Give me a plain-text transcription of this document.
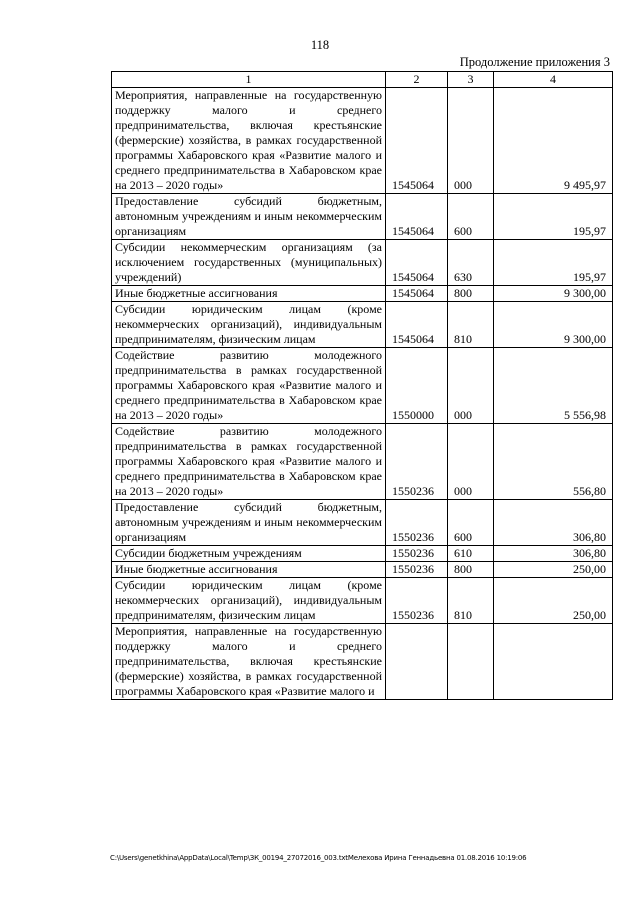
118
Продолжение приложения 3
1	2	3	4
Мероприятия, направленные на государственную поддержку малого и среднего предпринимательства, включая крестьянские (фермерские) хозяйства, в рамках государственной программы Хабаровского края «Развитие малого и среднего предпринимательства в Хабаровском крае на 2013 – 2020 годы»	1545064	000	9 495,97
Предоставление субсидий бюджетным, автономным учреждениям и иным некоммерческим организациям	1545064	600	195,97
Субсидии некоммерческим организациям (за исключением государственных (муниципальных) учреждений)	1545064	630	195,97
Иные бюджетные ассигнования	1545064	800	9 300,00
Субсидии юридическим лицам (кроме некоммерческих организаций), индивидуальным предпринимателям, физическим лицам	1545064	810	9 300,00
Содействие развитию молодежного предпринимательства в рамках государственной программы Хабаровского края «Развитие малого и среднего предпринимательства в Хабаровском крае на 2013 – 2020 годы»	1550000	000	5 556,98
Содействие развитию молодежного предпринимательства в рамках государственной программы Хабаровского края «Развитие малого и среднего предпринимательства в Хабаровском крае на 2013 – 2020 годы»	1550236	000	556,80
Предоставление субсидий бюджетным, автономным учреждениям и иным некоммерческим организациям	1550236	600	306,80
Субсидии бюджетным учреждениям	1550236	610	306,80
Иные бюджетные ассигнования	1550236	800	250,00
Субсидии юридическим лицам (кроме некоммерческих организаций), индивидуальным предпринимателям, физическим лицам	1550236	810	250,00
Мероприятия, направленные на государственную поддержку малого и среднего предпринимательства, включая крестьянские (фермерские) хозяйства, в рамках государственной программы Хабаровского края «Развитие малого и			
C:\Users\genetkhina\AppData\Local\Temp\ЗК_00194_27072016_003.txtМелехова Ирина Геннадьевна 01.08.2016 10:19:06
